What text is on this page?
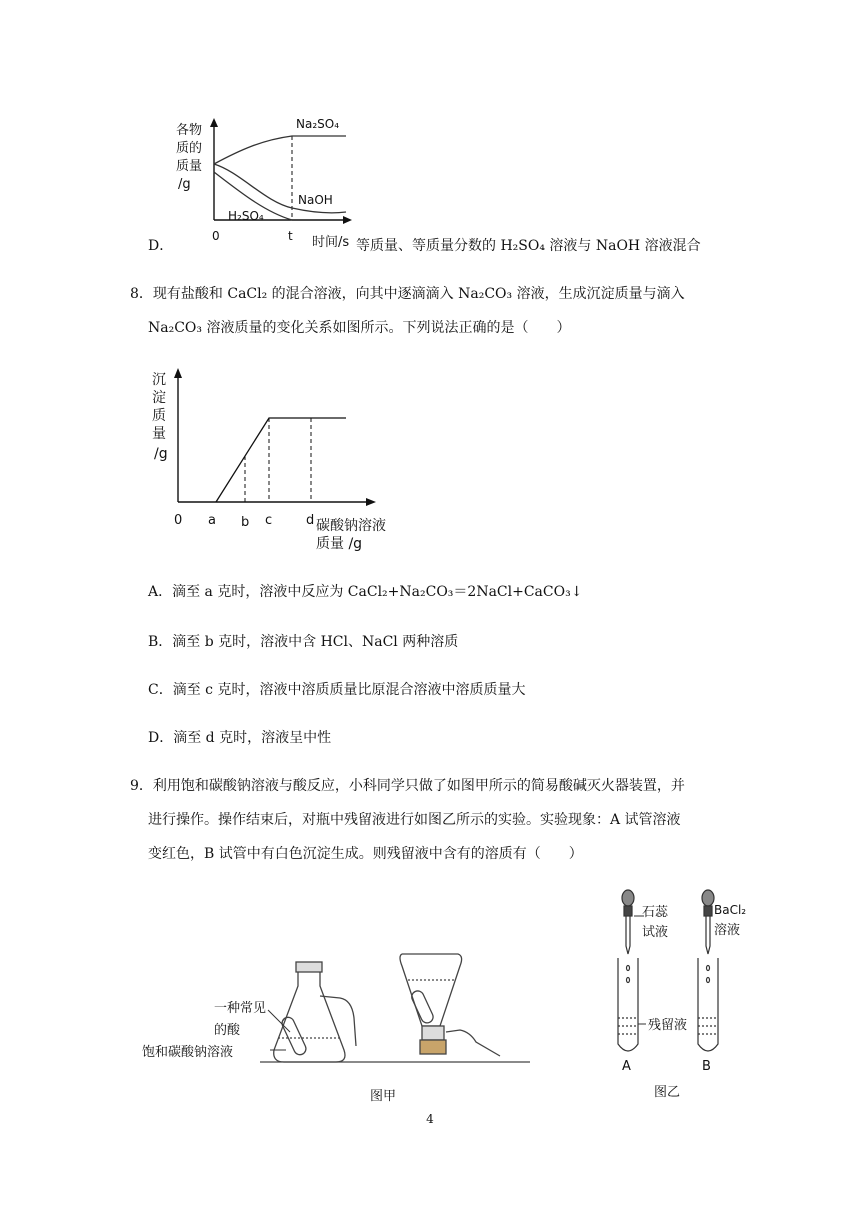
各物
质的
质量
/g
Na₂SO₄
NaOH
H₂SO₄
0	t 时间/s
D．	等质量、等质量分数的 H₂SO₄ 溶液与 NaOH 溶液混合
8．现有盐酸和 CaCl₂ 的混合溶液，向其中逐滴滴入 Na₂CO₃ 溶液，生成沉淀质量与滴入
Na₂CO₃ 溶液质量的变化关系如图所示。下列说法正确的是（　　）
沉
淀
质
量
/g
0 a b c	d 碳酸钠溶液
质量 /g
A．滴至 a 克时，溶液中反应为 CaCl₂+Na₂CO₃＝2NaCl+CaCO₃↓
B．滴至 b 克时，溶液中含 HCl、NaCl 两种溶质
C．滴至 c 克时，溶液中溶质质量比原混合溶液中溶质质量大
D．滴至 d 克时，溶液呈中性
9．利用饱和碳酸钠溶液与酸反应，小科同学只做了如图甲所示的简易酸碱灭火器装置，并
进行操作。操作结束后，对瓶中残留液进行如图乙所示的实验。实验现象：A 试管溶液
变红色，B 试管中有白色沉淀生成。则残留液中含有的溶质有（　　）
一种常见
的酸
饱和碳酸钠溶液
图甲
石蕊
试液
BaCl₂
溶液
残留液
A	B
图乙
4
